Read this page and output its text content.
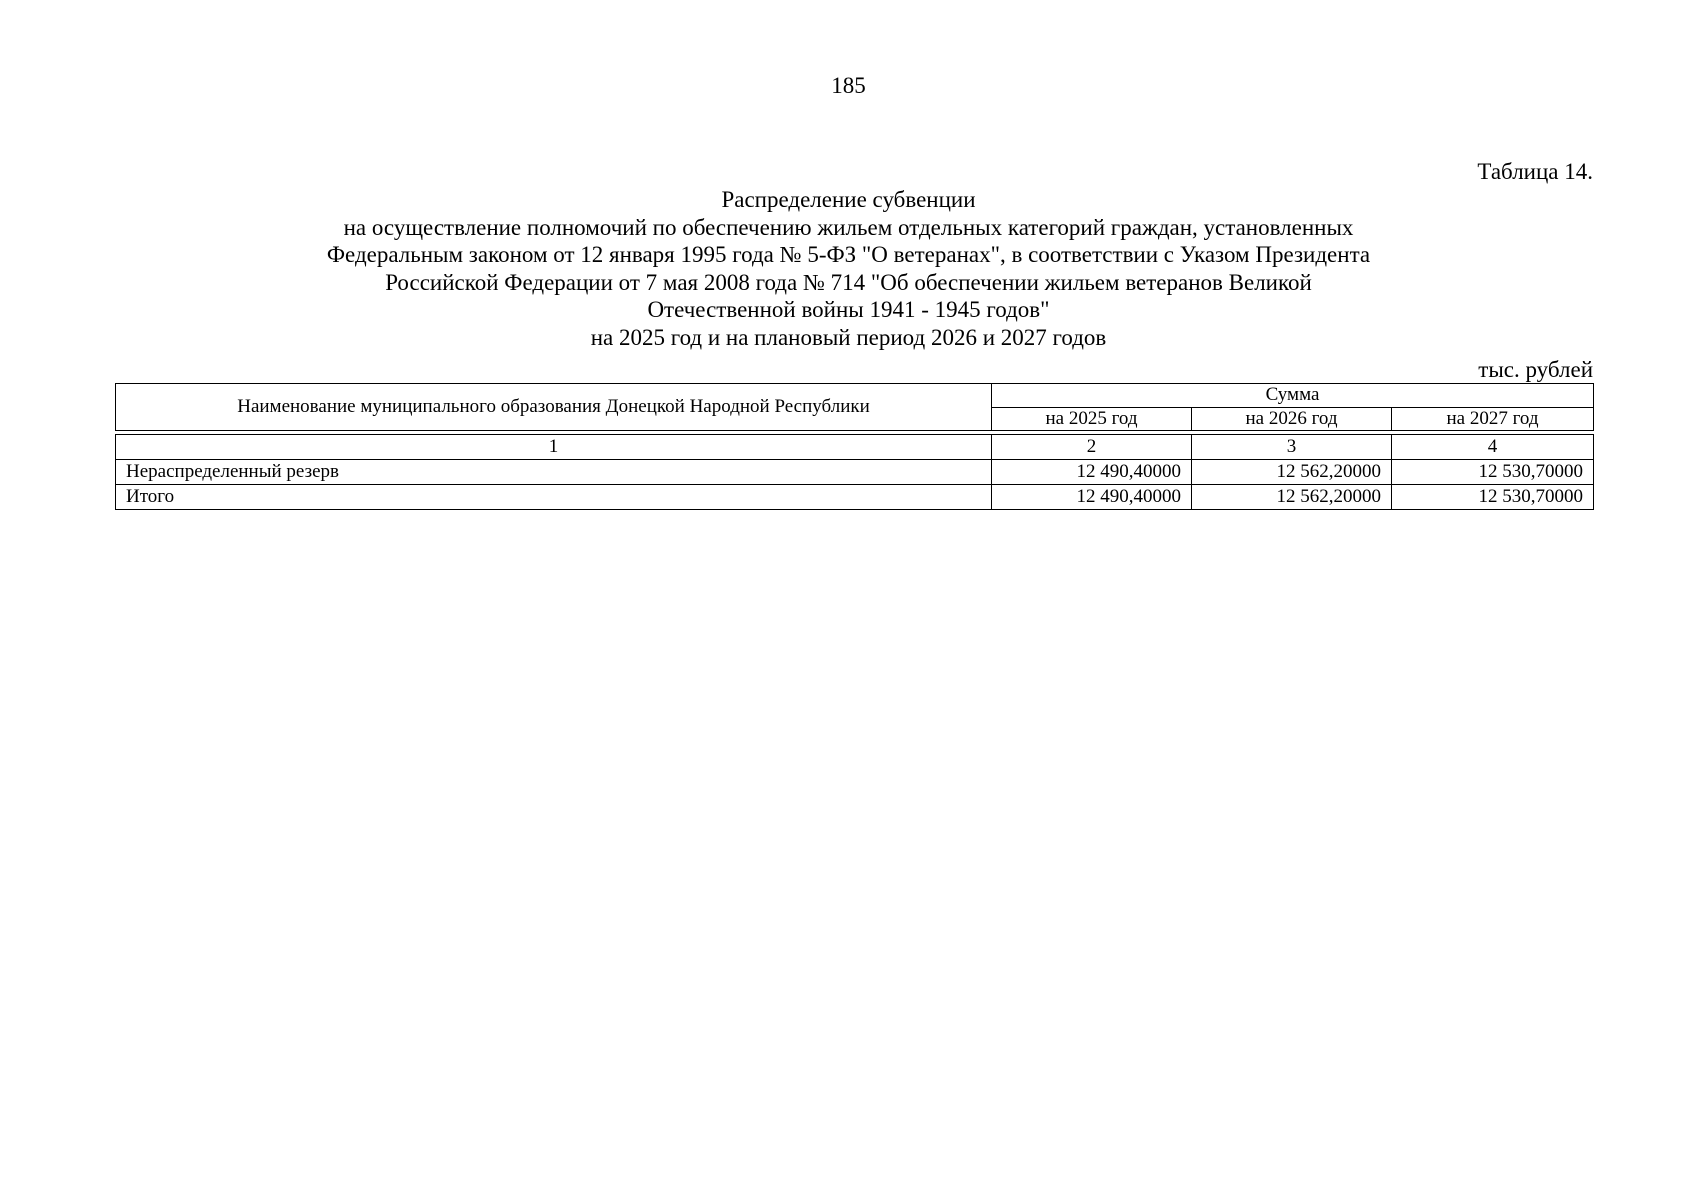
185
Таблица 14.
Распределение субвенции
на осуществление полномочий по обеспечению жильем отдельных категорий граждан, установленных
Федеральным законом от 12 января 1995 года № 5-ФЗ "О ветеранах", в соответствии с Указом Президента
Российской Федерации от 7 мая 2008 года № 714 "Об обеспечении жильем ветеранов Великой
Отечественной войны 1941 - 1945 годов"
на 2025 год и на плановый период 2026 и 2027 годов
тыс. рублей
Наименование муниципального образования Донецкой Народной Республики	Сумма		
	на 2025 год	на 2026 год	на 2027 год
1	2	3	4
Нераспределенный резерв	12 490,40000	12 562,20000	12 530,70000
Итого	12 490,40000	12 562,20000	12 530,70000
